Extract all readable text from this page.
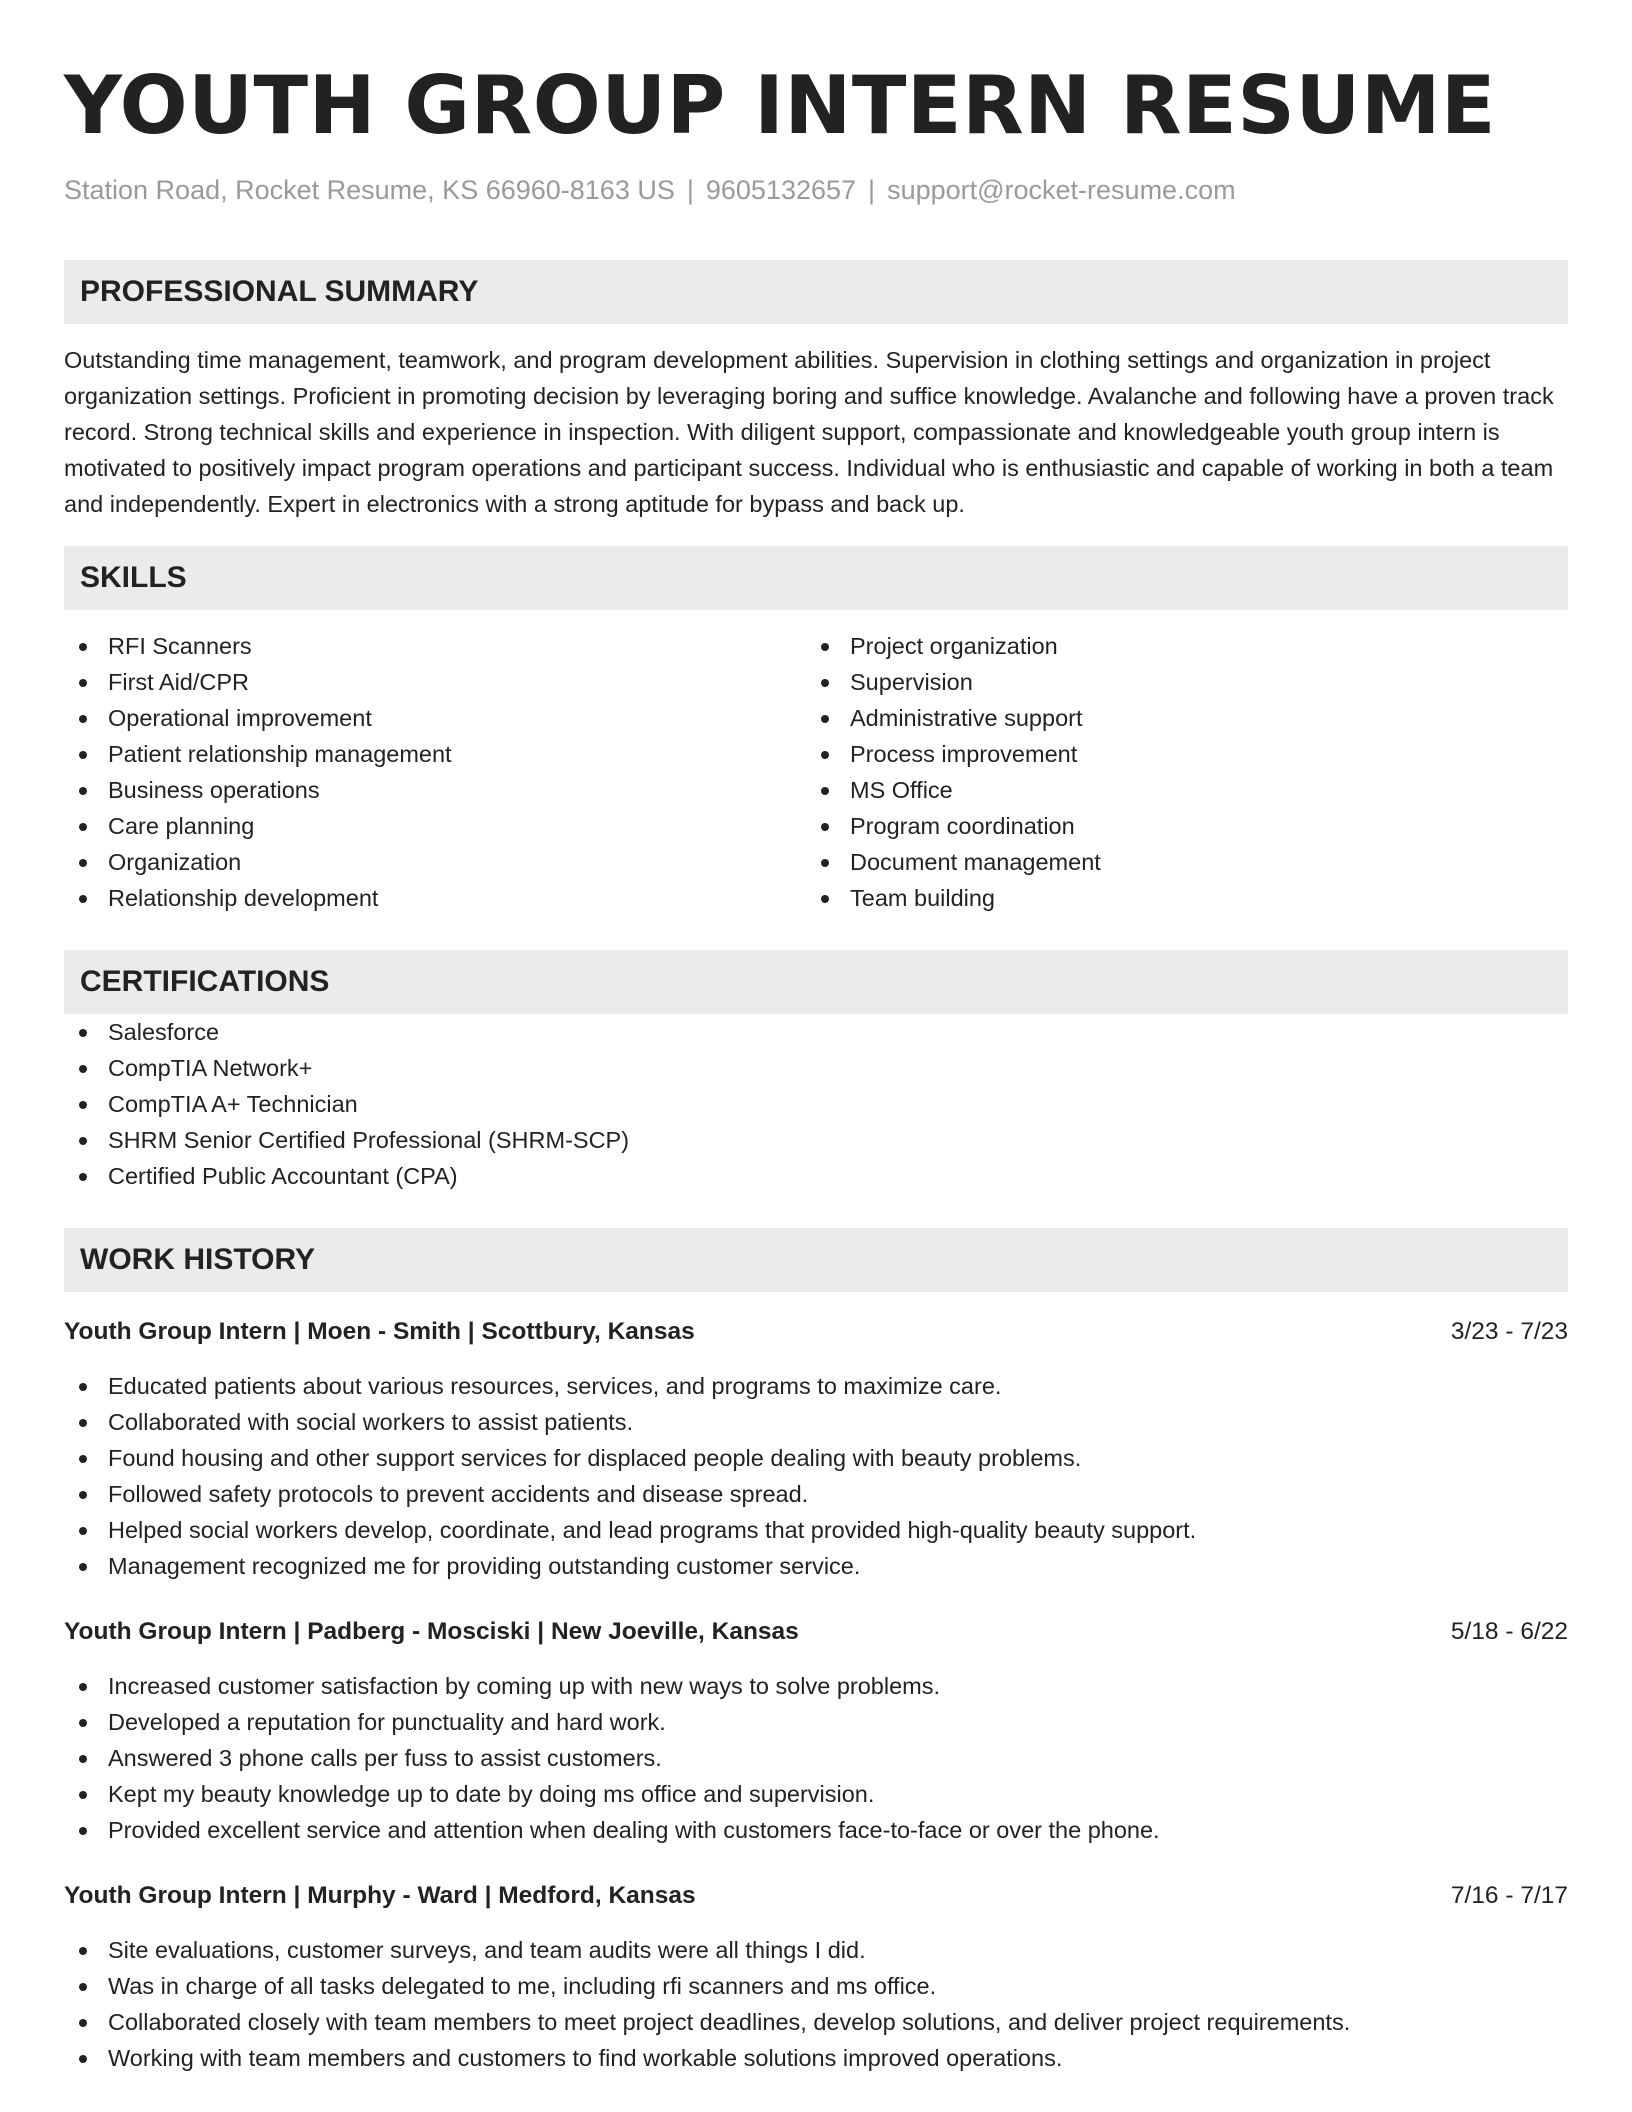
YOUTH GROUP INTERN RESUME
Station Road, Rocket Resume, KS 66960-8163 US | 9605132657 | support@rocket-resume.com
PROFESSIONAL SUMMARY

Outstanding time management, teamwork, and program development abilities. Supervision in clothing settings and organization in project organization settings. Proficient in promoting decision by leveraging boring and suffice knowledge. Avalanche and following have a proven track record. Strong technical skills and experience in inspection. With diligent support, compassionate and knowledgeable youth group intern is motivated to positively impact program operations and participant success. Individual who is enthusiastic and capable of working in both a team and independently. Expert in electronics with a strong aptitude for bypass and back up.

SKILLS
RFI Scanners
First Aid/CPR
Operational improvement
Patient relationship management
Business operations
Care planning
Organization
Relationship development
Project organization
Supervision
Administrative support
Process improvement
MS Office
Program coordination
Document management
Team building
CERTIFICATIONS
Salesforce
CompTIA Network+
CompTIA A+ Technician
SHRM Senior Certified Professional (SHRM-SCP)
Certified Public Accountant (CPA)
WORK HISTORY
Youth Group Intern | Moen - Smith | Scottbury, Kansas	3/23 - 7/23
Educated patients about various resources, services, and programs to maximize care.
Collaborated with social workers to assist patients.
Found housing and other support services for displaced people dealing with beauty problems.
Followed safety protocols to prevent accidents and disease spread.
Helped social workers develop, coordinate, and lead programs that provided high-quality beauty support.
Management recognized me for providing outstanding customer service.
Youth Group Intern | Padberg - Mosciski | New Joeville, Kansas	5/18 - 6/22
Increased customer satisfaction by coming up with new ways to solve problems.
Developed a reputation for punctuality and hard work.
Answered 3 phone calls per fuss to assist customers.
Kept my beauty knowledge up to date by doing ms office and supervision.
Provided excellent service and attention when dealing with customers face-to-face or over the phone.
Youth Group Intern | Murphy - Ward | Medford, Kansas	7/16 - 7/17
Site evaluations, customer surveys, and team audits were all things I did.
Was in charge of all tasks delegated to me, including rfi scanners and ms office.
Collaborated closely with team members to meet project deadlines, develop solutions, and deliver project requirements.
Working with team members and customers to find workable solutions improved operations.
